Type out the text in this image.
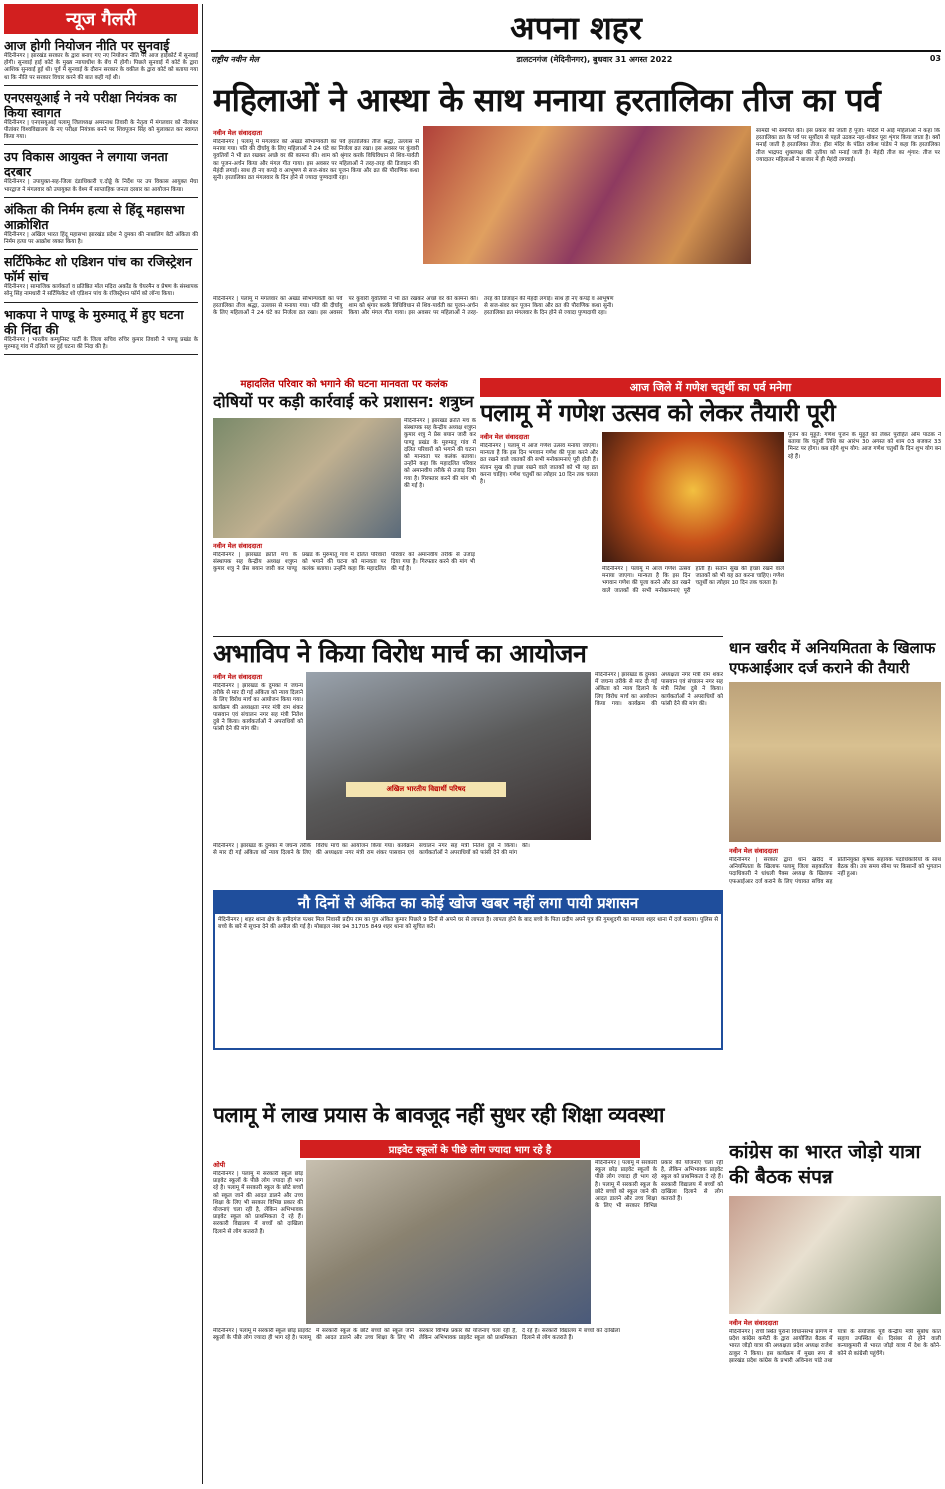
न्यूज गैलरी
आज होगी नियोजन नीति पर सुनवाई
मेदिनीनगर | झारखंड सरकार के द्वारा बनाए गए नए नियोजन नीति पर आज हाईकोर्ट में सुनवाई होगी। सुनवाई हाई कोर्ट के मुख्य न्यायाधीश के बेंच में होगी। पिछले सुनवाई में कोर्ट के द्वारा आशिक सुनवाई हुई थी। पूर्व में सुनवाई के दौरान सरकार के वकील के द्वारा कोर्ट को बताया गया था कि नीति पर सरकार विचार करने की बात कही गई थी।
एनएसयूआई ने नये परीक्षा नियंत्रक का किया स्वागत
मेदिनीनगर | एनएसयूआई पलामू जिलाध्यक्ष अमरनाथ तिवारी के नेतृत्व में मंगलवार को नीलांबर पीतांबर विश्वविद्यालय के नए परीक्षा नियंत्रक बनने पर शिवपूजन सिंह को मुलाकात कर स्वागत किया गया।
उप विकास आयुक्त ने लगाया जनता दरबार
मेदिनीनगर | उपायुक्त-सह-जिला दंडाधिकारी ए.दोड्डे के निर्देश पर उप विकास आयुक्त मेघा भारद्वाज ने मंगलवार को उपायुक्त के वेश्म में साप्ताहिक जनता दरबार का आयोजन किया।
अंकिता की निर्मम हत्या से हिंदू महासभा आक्रोशित
मेदिनीनगर | अखिल भारत हिंदू महासभा झारखंड प्रदेश ने दुमका की नाबालिग बेटी अंकिता की निर्मम हत्या पर आक्रोश व्यक्त किया है।
सर्टिफिकेट शो एडिशन पांच का रजिस्ट्रेशन फॉर्म सांच
मेदिनीनगर | सामाजिक कार्यकर्ता व प्रतिष्ठित मॉल मदिरा अर्कोड के चेयरमैन व प्रेषण के संस्थापक सोनू सिंह नामधारी ने सर्टिफिकेट शो एडिशन पांच के रजिस्ट्रेशन फॉर्म को लॉन्च किया।
भाकपा ने पाण्डू के मुरुमातू में हुए घटना की निंदा की
मेदिनीनगर | भारतीय कम्युनिस्ट पार्टी के जिला सचिव रुचिर कुमार तिवारी ने पाण्डू प्रखंड के मुरुमातू गांव में दलितों पर हुई घटना की निंदा की है।
अपना शहर
राष्ट्रीय नवीन मेल	डालटनगंज (मेदिनीनगर), बुधवार 31 अगस्त 2022	03
महिलाओं ने आस्था के साथ मनाया हरतालिका तीज का पर्व
नवीन मेल संवाददाता
मेदिनीनगर | पलामू में मंगलवार को अखंड सौभाग्यवती का पर्व हरतालिका तीज श्रद्धा, उल्लास से मनाया गया। पति की दीर्घायु के लिए महिलाओं ने 24 घंटे का निर्जला व्रत रखा। इस अवसर पर कुंवारी युवतियों ने भी व्रत रखकर अच्छे वर की कामना की। शाम को श्रृंगार करके विधिविधान से शिव-पार्वती का पूजन-अर्चन किया और मंगल गीत गाया। इस अवसर पर महिलाओं ने तरह-तरह की डिजाइन की मेहंदी लगाई। साथ ही नए कपड़े व आभूषण से सज-संवर कर पूजन किया और व्रत की पौराणिक कथा सुनी। हरतालिका व्रत मंगलवार के दिन होने से ज्यादा पुण्यदायी रहा।
सामग्री भी समर्पित की। इस प्रकार की जाती है पूजा: मंदिरों में आई महिलाओं ने कहा कि हरतालिका व्रत के पर्व पर सूर्योदय से पहले उठकर नहा-धोकर पूरा शृंगार किया जाता है। क्यों मनाई जाती है हरतालिका तीज: हीरा मंदिर के पंडित राकेश पांडेय ने कहा कि हरतालिका तीज भाद्रपद शुक्लपक्ष की तृतीया को मनाई जाती है। मेहंदी तीज का शृंगार: तीज पर ज्यादातर महिलाओं ने बाजार में ही मेहंदी लगवाई।
मेदिनीनगर | पलामू में मंगलवार को अखंड सौभाग्यवती का पर्व हरतालिका तीज श्रद्धा, उल्लास से मनाया गया। पति की दीर्घायु के लिए महिलाओं ने 24 घंटे का निर्जला व्रत रखा। इस अवसर पर कुंवारी युवतियों ने भी व्रत रखकर अच्छे वर की कामना की। शाम को श्रृंगार करके विधिविधान से शिव-पार्वती का पूजन-अर्चन किया और मंगल गीत गाया। इस अवसर पर महिलाओं ने तरह-तरह की डिजाइन की मेहंदी लगाई। साथ ही नए कपड़े व आभूषण से सज-संवर कर पूजन किया और व्रत की पौराणिक कथा सुनी। हरतालिका व्रत मंगलवार के दिन होने से ज्यादा पुण्यदायी रहा।
महादलित परिवार को भगाने की घटना मानवता पर कलंक
दोषियों पर कड़ी कार्रवाई करे प्रशासन: शत्रुघ्न
मेदिनीनगर | झारखंड क्रांति मंच के संस्थापक सह केन्द्रीय अध्यक्ष शत्रुघ्न कुमार शत्रु ने प्रेस बयान जारी कर पाण्डू प्रखंड के मुरुमातू गांव में दलित परिवारों को भगाने की घटना को मानवता पर कलंक बताया। उन्होंने कहा कि महादलित परिवार को अमानवीय तरीके से उजाड़ दिया गया है। गिरफ्तार करने की मांग भी की गई है।
नवीन मेल संवाददाता
मेदिनीनगर | झारखंड क्रांति मंच के संस्थापक सह केन्द्रीय अध्यक्ष शत्रुघ्न कुमार शत्रु ने प्रेस बयान जारी कर पाण्डू प्रखंड के मुरुमातू गांव में दलित परिवारों को भगाने की घटना को मानवता पर कलंक बताया। उन्होंने कहा कि महादलित परिवार को अमानवीय तरीके से उजाड़ दिया गया है। गिरफ्तार करने की मांग भी की गई है।
आज जिले में गणेश चतुर्थी का पर्व मनेगा
पलामू में गणेश उत्सव को लेकर तैयारी पूरी
नवीन मेल संवाददाता
मेदिनीनगर | पलामू में आज गणेश उत्सव मनाया जाएगा। मान्यता है कि इस दिन भगवान गणेश की पूजा करने और व्रत रखने वाले जातकों की सभी मनोकामनाएं पूरी होती हैं। संतान सुख की इच्छा रखने वाले जातकों को भी यह व्रत करना चाहिए। गणेश चतुर्थी का त्योहार 10 दिन तक चलता है।
मेदिनीनगर | पलामू में आज गणेश उत्सव मनाया जाएगा। मान्यता है कि इस दिन भगवान गणेश की पूजा करने और व्रत रखने वाले जातकों की सभी मनोकामनाएं पूरी होती हैं। संतान सुख की इच्छा रखने वाले जातकों को भी यह व्रत करना चाहिए। गणेश चतुर्थी का त्योहार 10 दिन तक चलता है।
पूजन का मुहूर्त: गणेश पूजन के मुहूर्त को लेकर पुरोहित ओम पाठक ने बताया कि चतुर्थी तिथि का आरंभ 30 अगस्त को शाम 03 बजकर 33 मिनट पर होगा। कब रहेगे शुभ योग: आज गणेश चतुर्थी के दिन शुभ योग बन रहे हैं।
अभाविप ने किया विरोध मार्च का आयोजन
नवीन मेल संवाददाता
मेदिनीनगर | झारखंड के दुमका में जघन्य तरीके से मार दी गई अंकिता को न्याय दिलाने के लिए विरोध मार्च का आयोजन किया गया। कार्यक्रम की अध्यक्षता नगर मंत्री राम शंकर पासवान एवं संचालन नगर सह मंत्री नितेश दुबे ने किया। कार्यकर्ताओं ने अपराधियों को फांसी देने की मांग की।
अखिल भारतीय विद्यार्थी परिषद
मेदिनीनगर | झारखंड के दुमका में जघन्य तरीके से मार दी गई अंकिता को न्याय दिलाने के लिए विरोध मार्च का आयोजन किया गया। कार्यक्रम की अध्यक्षता नगर मंत्री राम शंकर पासवान एवं संचालन नगर सह मंत्री नितेश दुबे ने किया। कार्यकर्ताओं ने अपराधियों को फांसी देने की मांग की।
मेदिनीनगर | झारखंड के दुमका में जघन्य तरीके से मार दी गई अंकिता को न्याय दिलाने के लिए विरोध मार्च का आयोजन किया गया। कार्यक्रम की अध्यक्षता नगर मंत्री राम शंकर पासवान एवं संचालन नगर सह मंत्री नितेश दुबे ने किया। कार्यकर्ताओं ने अपराधियों को फांसी देने की मांग की।
धान खरीद में अनियमितता के खिलाफ एफआईआर दर्ज कराने की तैयारी
नवीन मेल संवाददाता
मेदिनीनगर | सरकार द्वारा धान खरीद में अनियमितता के खिलाफ पलामू जिला सहकारिता पदाधिकारी ने धांधली पैक्स अध्यक्ष के खिलाफ एफआईआर दर्ज कराने के लिए पंचायत सचिव सह प्रतिनियुक्त कृषक सहायक पदाधिकारियों के साथ बैठक की। तय समय सीमा पर किसानों को भुगतान नहीं हुआ।
नौ दिनों से अंकित का कोई खोज खबर नहीं लगा पायी प्रशासन
मेदिनीनगर | शहर थाना क्षेत्र के हमीदगंज पत्थर मिल निवासी प्रदीप राम का पुत्र अंकित कुमार पिछले 9 दिनों से अपने घर से लापता है। लापता होने के बाद बच्चे के पिता प्रदीप अपने पुत्र की गुमशुदगी का मामला शहर थाना में दर्ज कराया। पुलिस से बच्चे के बारे में सूचना देने की अपील की गई है। मोबाइल नंबर 94 31705 849 शहर थाना को सूचित करें।
पलामू में लाख प्रयास के बावजूद नहीं सुधर रही शिक्षा व्यवस्था
प्राइवेट स्कूलों के पीछे लोग ज्यादा भाग रहे है
ओपी
मेदिनीनगर | पलामू में सरकारी स्कूल छोड़ प्राइवेट स्कूलों के पीछे लोग ज्यादा ही भाग रहे है। पलामू में सरकारी स्कूल के छोटे बच्चों को स्कूल जाने की आदत डालने और उच्च शिक्षा के लिए भी सरकार विभिन्न प्रकार की योजनाएं चला रही है, लेकिन अभिभावक प्राइवेट स्कूल को प्राथमिकता दे रहे हैं। सरकारी विद्यालय में बच्चों को दाखिला दिलाने से लोग कतराते हैं।
मेदिनीनगर | पलामू में सरकारी स्कूल छोड़ प्राइवेट स्कूलों के पीछे लोग ज्यादा ही भाग रहे है। पलामू में सरकारी स्कूल के छोटे बच्चों को स्कूल जाने की आदत डालने और उच्च शिक्षा के लिए भी सरकार विभिन्न प्रकार की योजनाएं चला रही है, लेकिन अभिभावक प्राइवेट स्कूल को प्राथमिकता दे रहे हैं। सरकारी विद्यालय में बच्चों को दाखिला दिलाने से लोग कतराते हैं।
मेदिनीनगर | पलामू में सरकारी स्कूल छोड़ प्राइवेट स्कूलों के पीछे लोग ज्यादा ही भाग रहे है। पलामू में सरकारी स्कूल के छोटे बच्चों को स्कूल जाने की आदत डालने और उच्च शिक्षा के लिए भी सरकार विभिन्न प्रकार की योजनाएं चला रही है, लेकिन अभिभावक प्राइवेट स्कूल को प्राथमिकता दे रहे हैं। सरकारी विद्यालय में बच्चों को दाखिला दिलाने से लोग कतराते हैं।
कांग्रेस का भारत जोड़ो यात्रा की बैठक संपन्न
नवीन मेल संवाददाता
मेदिनीनगर | रांची स्थित पुराना विधानसभा प्रांगण में प्रदेश कांग्रेस कमेटी के द्वारा आयोजित बैठक में भारत जोड़ो यात्रा की अध्यक्षता प्रदेश अध्यक्ष राजेश ठाकुर ने किया। इस कार्यक्रम में मुख्य रूप से झारखंड प्रदेश कांग्रेस के प्रभारी अविनाश पांडे तथा यात्रा के संयोजक पूर्व केन्द्रीय मंत्री सुबोध कांत सहाय उपस्थित थे। दिसंबर से होने वाली कन्याकुमारी से भारत जोड़ो यात्रा में देश के कोने-कोने से कांग्रेसी पहुंचेंगे।
